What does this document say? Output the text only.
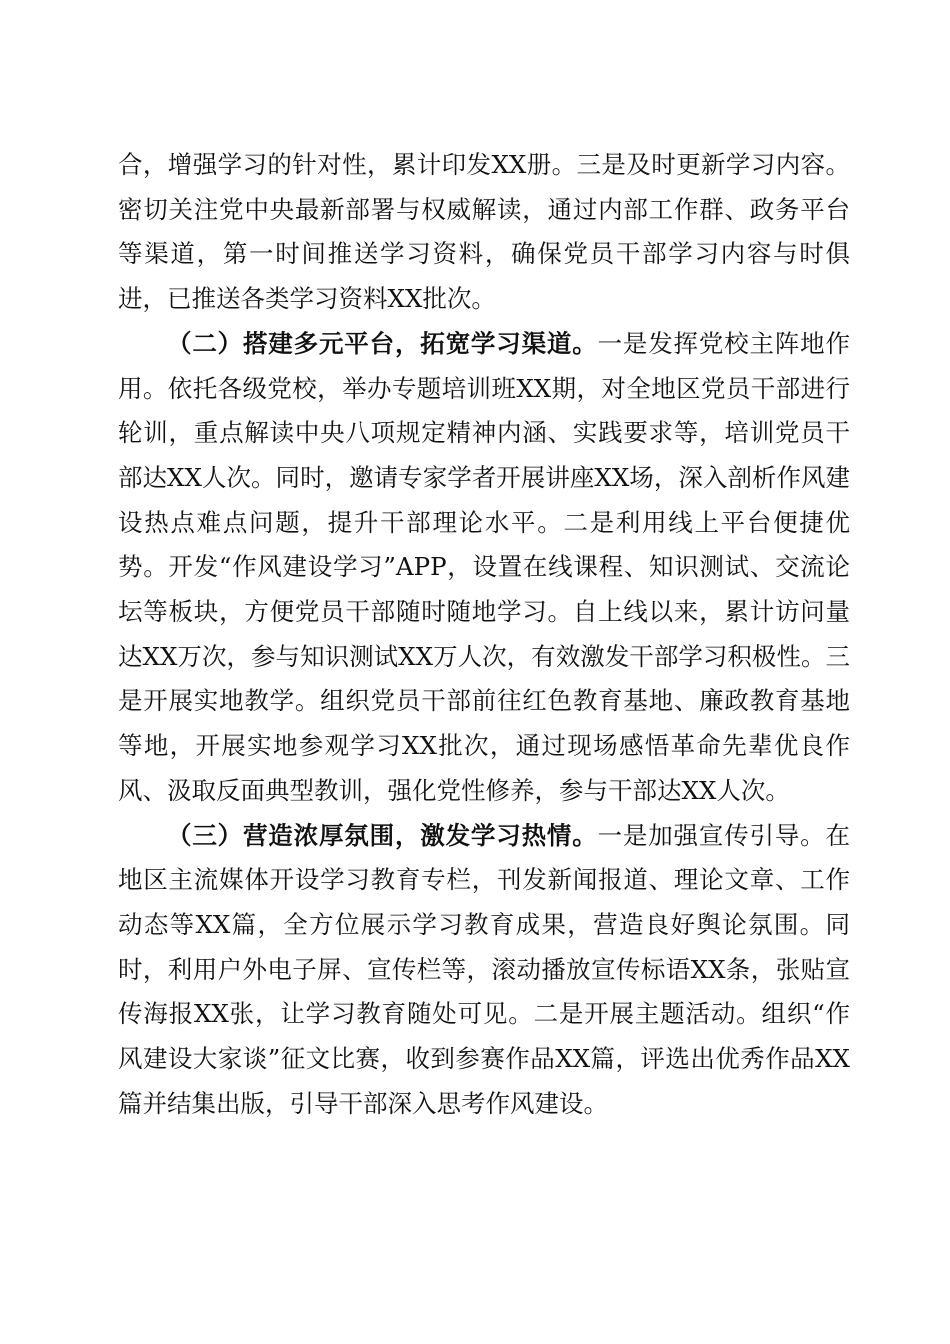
合，增强学习的针对性，累计印发XX册。三是及时更新学习内容。密切关注党中央最新部署与权威解读，通过内部工作群、政务平台等渠道，第一时间推送学习资料，确保党员干部学习内容与时俱进，已推送各类学习资料XX批次。

（二）搭建多元平台，拓宽学习渠道。一是发挥党校主阵地作用。依托各级党校，举办专题培训班XX期，对全地区党员干部进行轮训，重点解读中央八项规定精神内涵、实践要求等，培训党员干部达XX人次。同时，邀请专家学者开展讲座XX场，深入剖析作风建设热点难点问题，提升干部理论水平。二是利用线上平台便捷优势。开发“作风建设学习”APP，设置在线课程、知识测试、交流论坛等板块，方便党员干部随时随地学习。自上线以来，累计访问量达XX万次，参与知识测试XX万人次，有效激发干部学习积极性。三是开展实地教学。组织党员干部前往红色教育基地、廉政教育基地等地，开展实地参观学习XX批次，通过现场感悟革命先辈优良作风、汲取反面典型教训，强化党性修养，参与干部达XX人次。

（三）营造浓厚氛围，激发学习热情。一是加强宣传引导。在地区主流媒体开设学习教育专栏，刊发新闻报道、理论文章、工作动态等XX篇，全方位展示学习教育成果，营造良好舆论氛围。同时，利用户外电子屏、宣传栏等，滚动播放宣传标语XX条，张贴宣传海报XX张，让学习教育随处可见。二是开展主题活动。组织“作风建设大家谈”征文比赛，收到参赛作品XX篇，评选出优秀作品XX篇并结集出版，引导干部深入思考作风建设。
